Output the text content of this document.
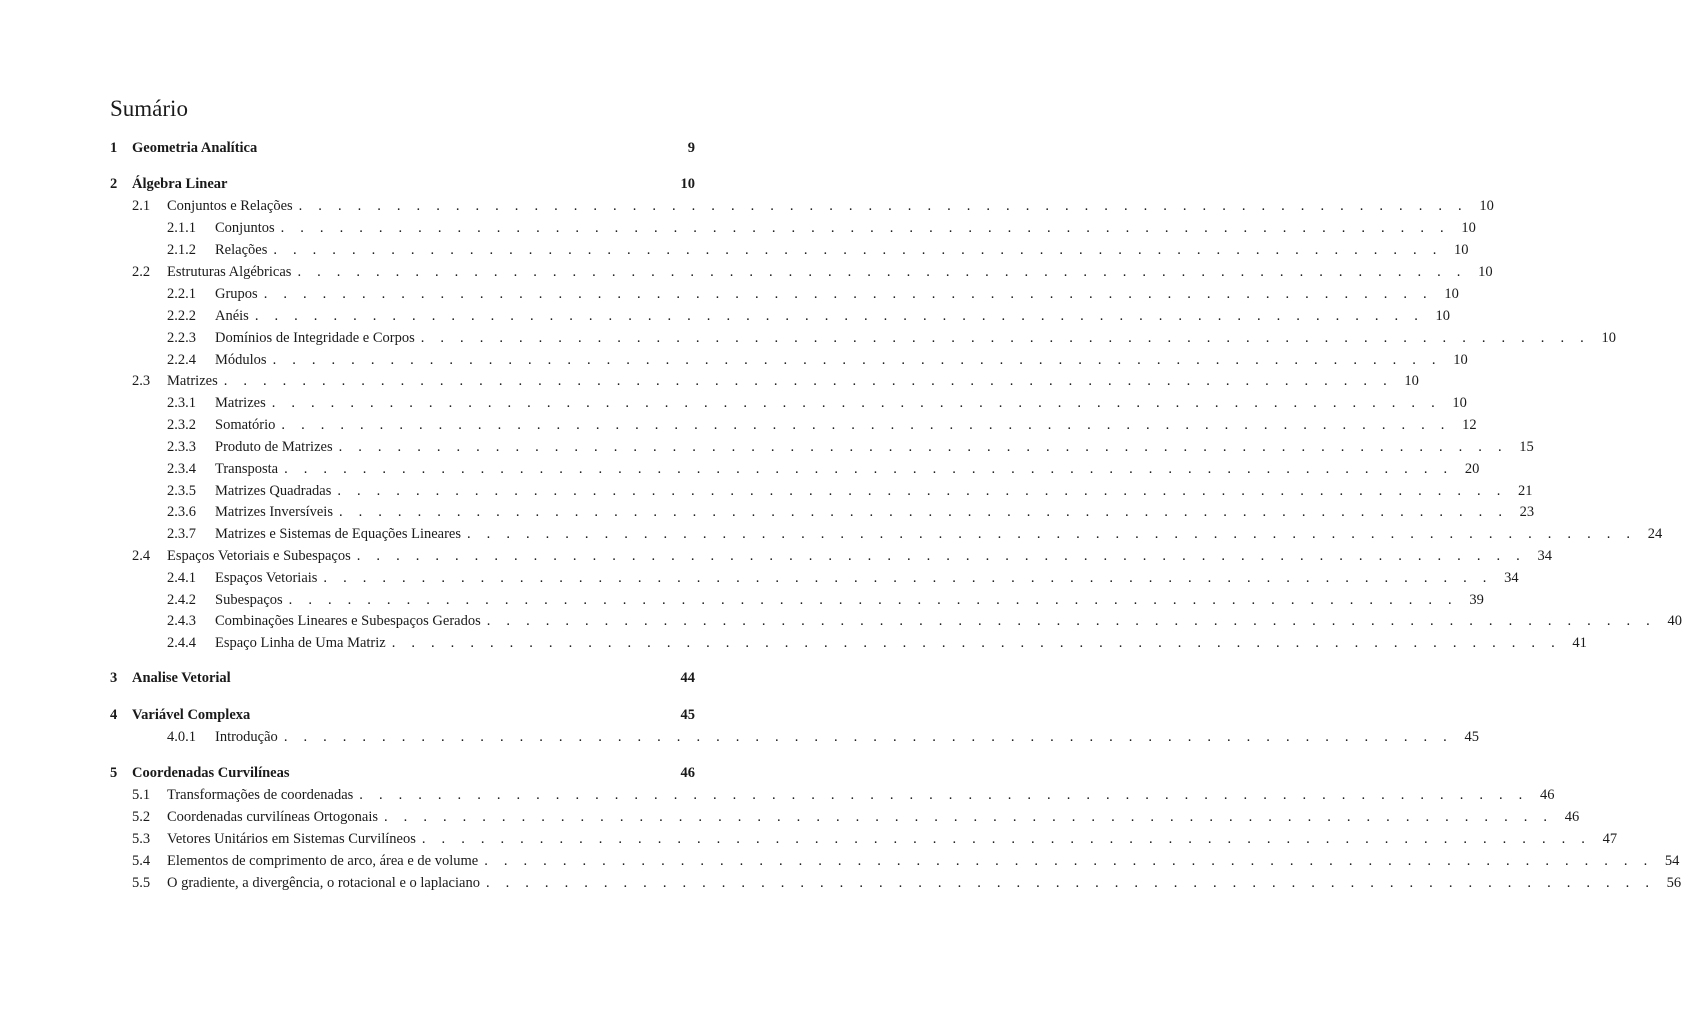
Sumário
1	Geometria Analítica	9
2	Álgebra Linear	10
2.1	Conjuntos e Relações . . . . . . . . . . . . . . . . . . . . . . . . . . . . . . . . . . . . . . . . . . . . . . . . . . . . . . . . . . . . 10
2.1.1	Conjuntos . . . . . . . . . . . . . . . . . . . . . . . . . . . . . . . . . . . . . . . . . . . . . . . . . . . . . . . . . . . . 10
2.1.2	Relações . . . . . . . . . . . . . . . . . . . . . . . . . . . . . . . . . . . . . . . . . . . . . . . . . . . . . . . . . . . . 10
2.2	Estruturas Algébricas . . . . . . . . . . . . . . . . . . . . . . . . . . . . . . . . . . . . . . . . . . . . . . . . . . . . . . . . . . . . 10
2.2.1	Grupos . . . . . . . . . . . . . . . . . . . . . . . . . . . . . . . . . . . . . . . . . . . . . . . . . . . . . . . . . . . . 10
2.2.2	Anéis . . . . . . . . . . . . . . . . . . . . . . . . . . . . . . . . . . . . . . . . . . . . . . . . . . . . . . . . . . . . 10
2.2.3	Domínios de Integridade e Corpos . . . . . . . . . . . . . . . . . . . . . . . . . . . . . . . . . . . . . . . . . . . . . . . . . . . . . . . . . . . . 10
2.2.4	Módulos . . . . . . . . . . . . . . . . . . . . . . . . . . . . . . . . . . . . . . . . . . . . . . . . . . . . . . . . . . . . 10
2.3	Matrizes . . . . . . . . . . . . . . . . . . . . . . . . . . . . . . . . . . . . . . . . . . . . . . . . . . . . . . . . . . . . 10
2.3.1	Matrizes . . . . . . . . . . . . . . . . . . . . . . . . . . . . . . . . . . . . . . . . . . . . . . . . . . . . . . . . . . . . 10
2.3.2	Somatório . . . . . . . . . . . . . . . . . . . . . . . . . . . . . . . . . . . . . . . . . . . . . . . . . . . . . . . . . . . . 12
2.3.3	Produto de Matrizes . . . . . . . . . . . . . . . . . . . . . . . . . . . . . . . . . . . . . . . . . . . . . . . . . . . . . . . . . . . . 15
2.3.4	Transposta . . . . . . . . . . . . . . . . . . . . . . . . . . . . . . . . . . . . . . . . . . . . . . . . . . . . . . . . . . . . 20
2.3.5	Matrizes Quadradas . . . . . . . . . . . . . . . . . . . . . . . . . . . . . . . . . . . . . . . . . . . . . . . . . . . . . . . . . . . . 21
2.3.6	Matrizes Inversíveis . . . . . . . . . . . . . . . . . . . . . . . . . . . . . . . . . . . . . . . . . . . . . . . . . . . . . . . . . . . . 23
2.3.7	Matrizes e Sistemas de Equações Lineares . . . . . . . . . . . . . . . . . . . . . . . . . . . . . . . . . . . . . . . . . . . . . . . . . . . . . . . . . . . . 24
2.4	Espaços Vetoriais e Subespaços . . . . . . . . . . . . . . . . . . . . . . . . . . . . . . . . . . . . . . . . . . . . . . . . . . . . . . . . . . . . 34
2.4.1	Espaços Vetoriais . . . . . . . . . . . . . . . . . . . . . . . . . . . . . . . . . . . . . . . . . . . . . . . . . . . . . . . . . . . . 34
2.4.2	Subespaços . . . . . . . . . . . . . . . . . . . . . . . . . . . . . . . . . . . . . . . . . . . . . . . . . . . . . . . . . . . . 39
2.4.3	Combinações Lineares e Subespaços Gerados . . . . . . . . . . . . . . . . . . . . . . . . . . . . . . . . . . . . . . . . . . . . . . . . . . . . . . . . . . . . 40
2.4.4	Espaço Linha de Uma Matriz . . . . . . . . . . . . . . . . . . . . . . . . . . . . . . . . . . . . . . . . . . . . . . . . . . . . . . . . . . . . 41
3	Analise Vetorial	44
4	Variável Complexa	45
4.0.1	Introdução . . . . . . . . . . . . . . . . . . . . . . . . . . . . . . . . . . . . . . . . . . . . . . . . . . . . . . . . . . . . 45
5	Coordenadas Curvilíneas	46
5.1	Transformações de coordenadas . . . . . . . . . . . . . . . . . . . . . . . . . . . . . . . . . . . . . . . . . . . . . . . . . . . . . . . . . . . . 46
5.2	Coordenadas curvilíneas Ortogonais . . . . . . . . . . . . . . . . . . . . . . . . . . . . . . . . . . . . . . . . . . . . . . . . . . . . . . . . . . . . 46
5.3	Vetores Unitários em Sistemas Curvilíneos . . . . . . . . . . . . . . . . . . . . . . . . . . . . . . . . . . . . . . . . . . . . . . . . . . . . . . . . . . . . 47
5.4	Elementos de comprimento de arco, área e de volume . . . . . . . . . . . . . . . . . . . . . . . . . . . . . . . . . . . . . . . . . . . . . . . . . . . . . . . . . . . . 54
5.5	O gradiente, a divergência, o rotacional e o laplaciano . . . . . . . . . . . . . . . . . . . . . . . . . . . . . . . . . . . . . . . . . . . . . . . . . . . . . . . . . . . . 56
